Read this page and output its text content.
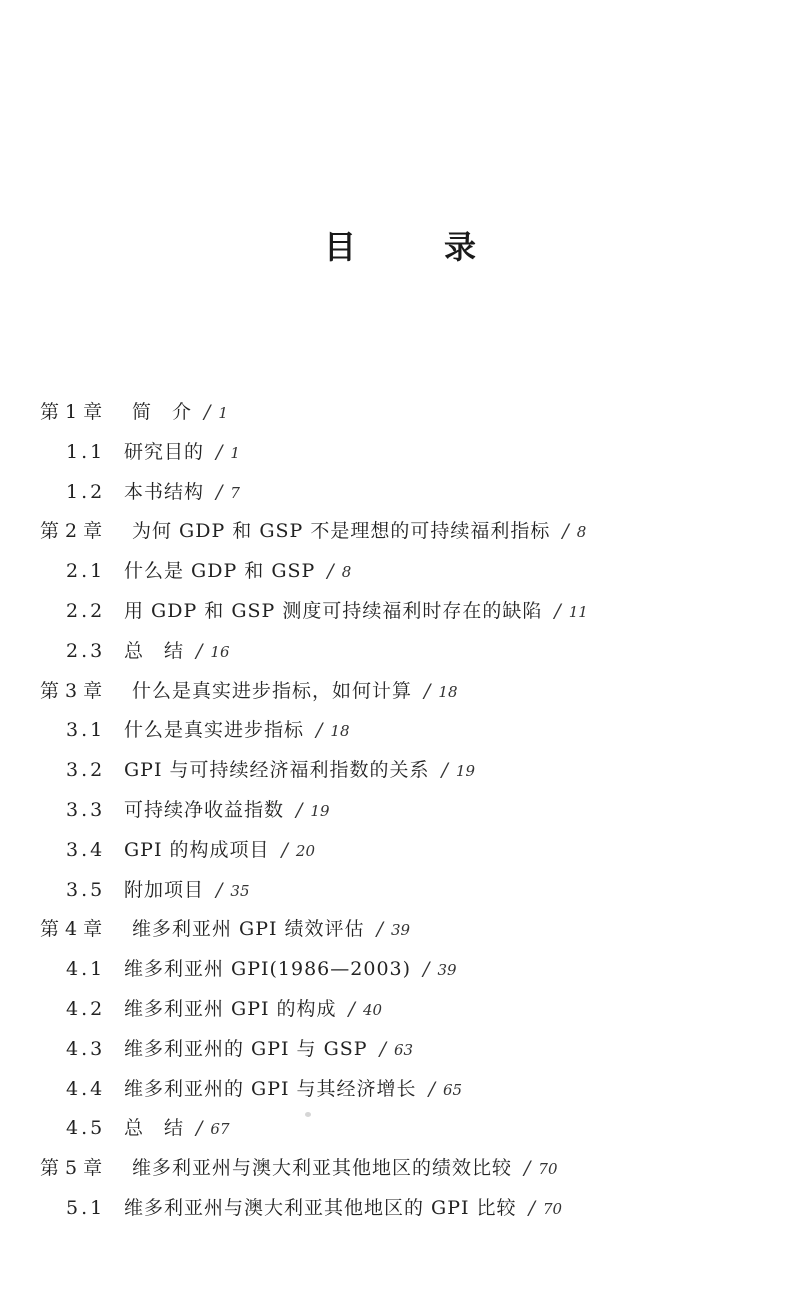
目　录
第 1 章 简　介 / 1
1.1 研究目的 / 1
1.2 本书结构 / 7
第 2 章 为何 GDP 和 GSP 不是理想的可持续福利指标 / 8
2.1 什么是 GDP 和 GSP / 8
2.2 用 GDP 和 GSP 测度可持续福利时存在的缺陷 / 11
2.3 总　结 / 16
第 3 章 什么是真实进步指标，如何计算 / 18
3.1 什么是真实进步指标 / 18
3.2 GPI 与可持续经济福利指数的关系 / 19
3.3 可持续净收益指数 / 19
3.4 GPI 的构成项目 / 20
3.5 附加项目 / 35
第 4 章 维多利亚州 GPI 绩效评估 / 39
4.1 维多利亚州 GPI(1986—2003) / 39
4.2 维多利亚州 GPI 的构成 / 40
4.3 维多利亚州的 GPI 与 GSP / 63
4.4 维多利亚州的 GPI 与其经济增长 / 65
4.5 总　结 / 67
第 5 章 维多利亚州与澳大利亚其他地区的绩效比较 / 70
5.1 维多利亚州与澳大利亚其他地区的 GPI 比较 / 70
